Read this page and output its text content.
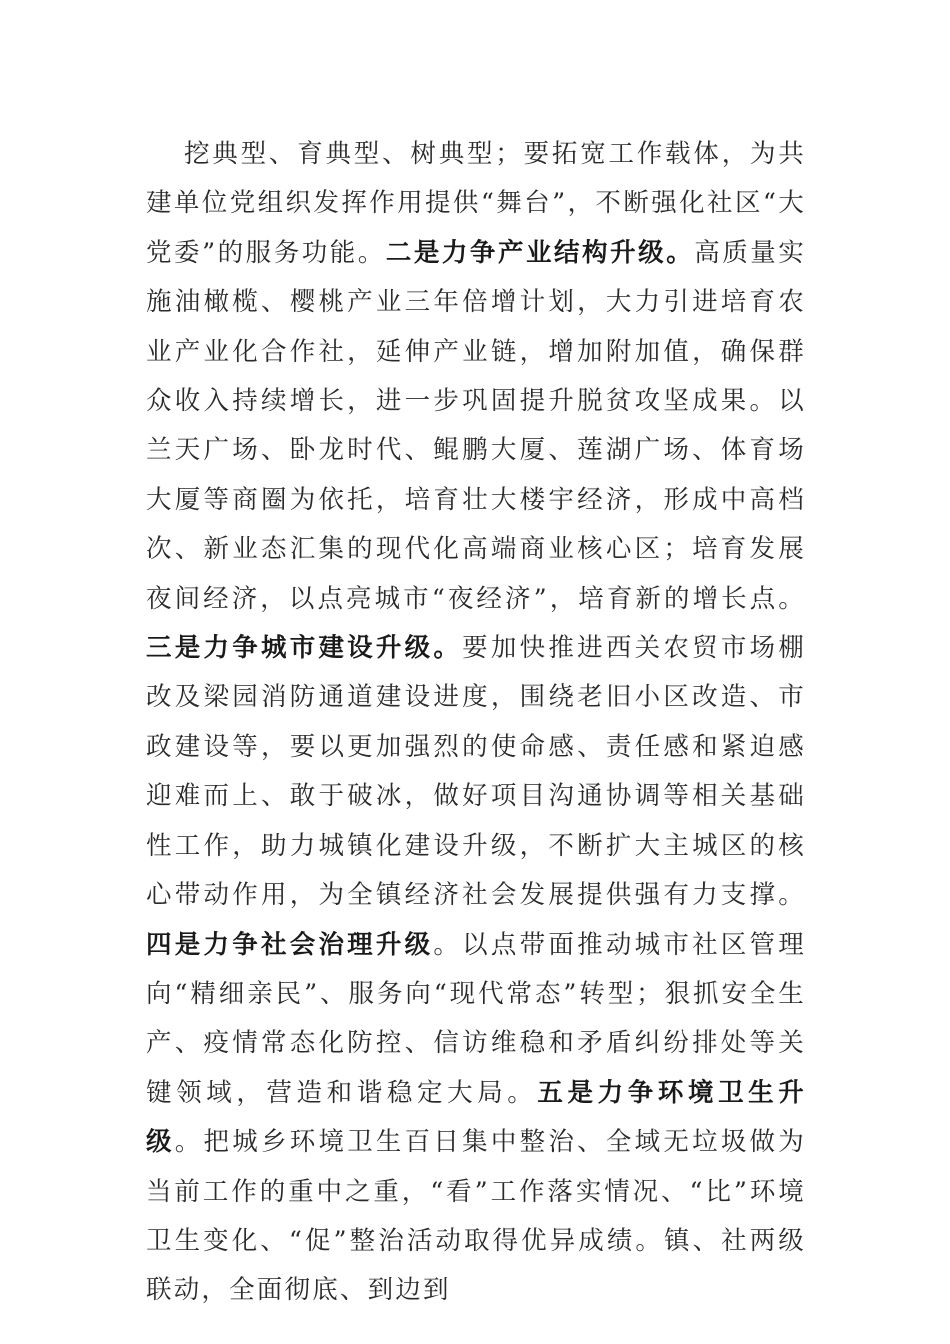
挖典型、育典型、树典型；要拓宽工作载体，为共建单位党组织发挥作用提供“舞台”，不断强化社区“大党委”的服务功能。二是力争产业结构升级。高质量实施油橄榄、樱桃产业三年倍增计划，大力引进培育农业产业化合作社，延伸产业链，增加附加值，确保群众收入持续增长，进一步巩固提升脱贫攻坚成果。以兰天广场、卧龙时代、鲲鹏大厦、莲湖广场、体育场大厦等商圈为依托，培育壮大楼宇经济，形成中高档次、新业态汇集的现代化高端商业核心区；培育发展夜间经济，以点亮城市“夜经济”，培育新的增长点。三是力争城市建设升级。要加快推进西关农贸市场棚改及梁园消防通道建设进度，围绕老旧小区改造、市政建设等，要以更加强烈的使命感、责任感和紧迫感迎难而上、敢于破冰，做好项目沟通协调等相关基础性工作，助力城镇化建设升级，不断扩大主城区的核心带动作用，为全镇经济社会发展提供强有力支撑。四是力争社会治理升级。以点带面推动城市社区管理向“精细亲民”、服务向“现代常态”转型；狠抓安全生产、疫情常态化防控、信访维稳和矛盾纠纷排处等关键领域，营造和谐稳定大局。五是力争环境卫生升级。把城乡环境卫生百日集中整治、全域无垃圾做为当前工作的重中之重，“看”工作落实情况、“比”环境卫生变化、“促”整治活动取得优异成绩。镇、社两级联动，全面彻底、到边到
